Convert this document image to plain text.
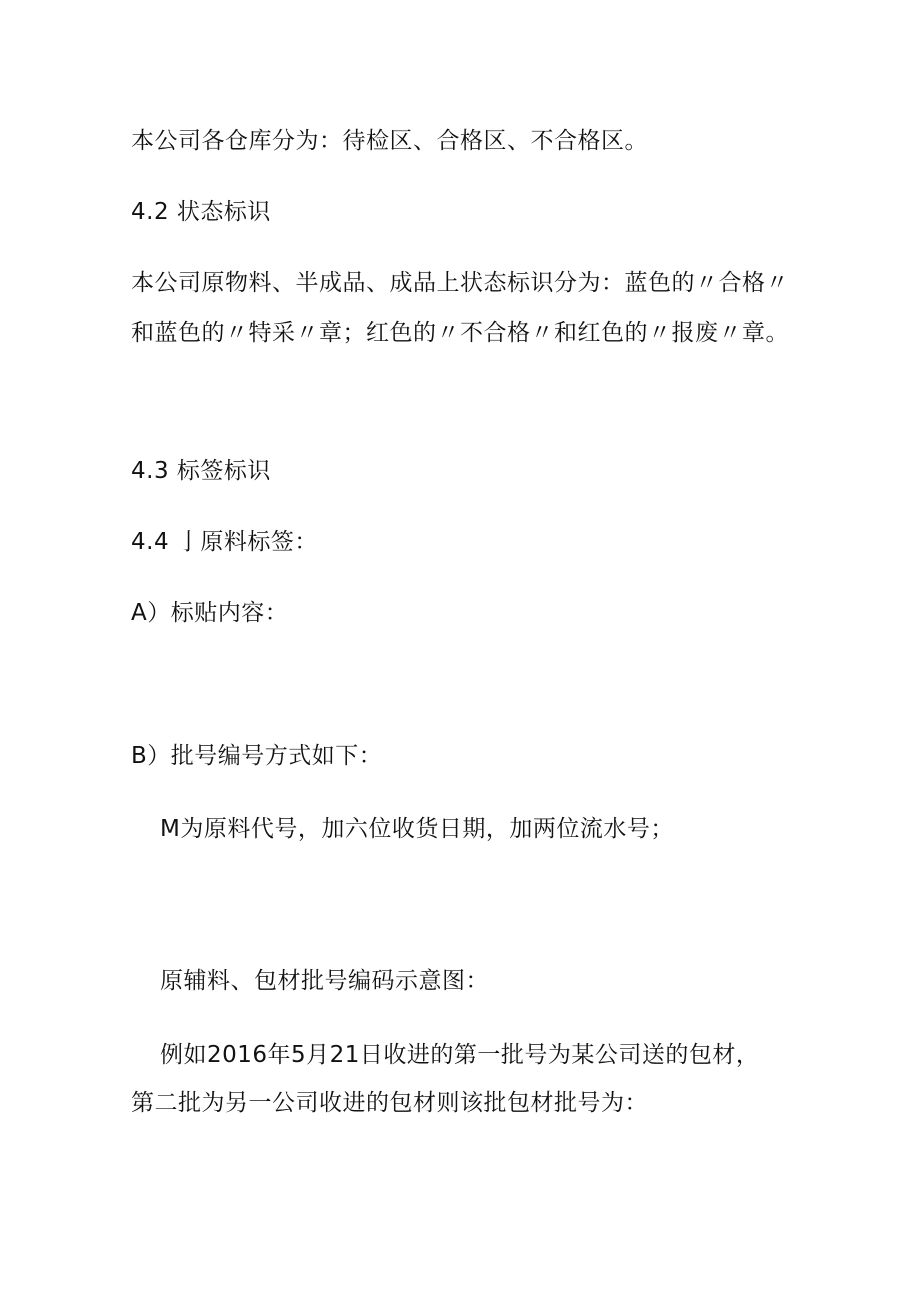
本公司各仓库分为：待检区、合格区、不合格区。
4.2 状态标识
本公司原物料、半成品、成品上状态标识分为：蓝色的〃合格〃
和蓝色的〃特采〃章；红色的〃不合格〃和红色的〃报废〃章。
4.3 标签标识
4.4 亅原料标签：
A）标贴内容：
B）批号编号方式如下：
M为原料代号，加六位收货日期，加两位流水号；
原辅料、包材批号编码示意图：
例如2016年5月21日收进的第一批号为某公司送的包材，
第二批为另一公司收进的包材则该批包材批号为：
